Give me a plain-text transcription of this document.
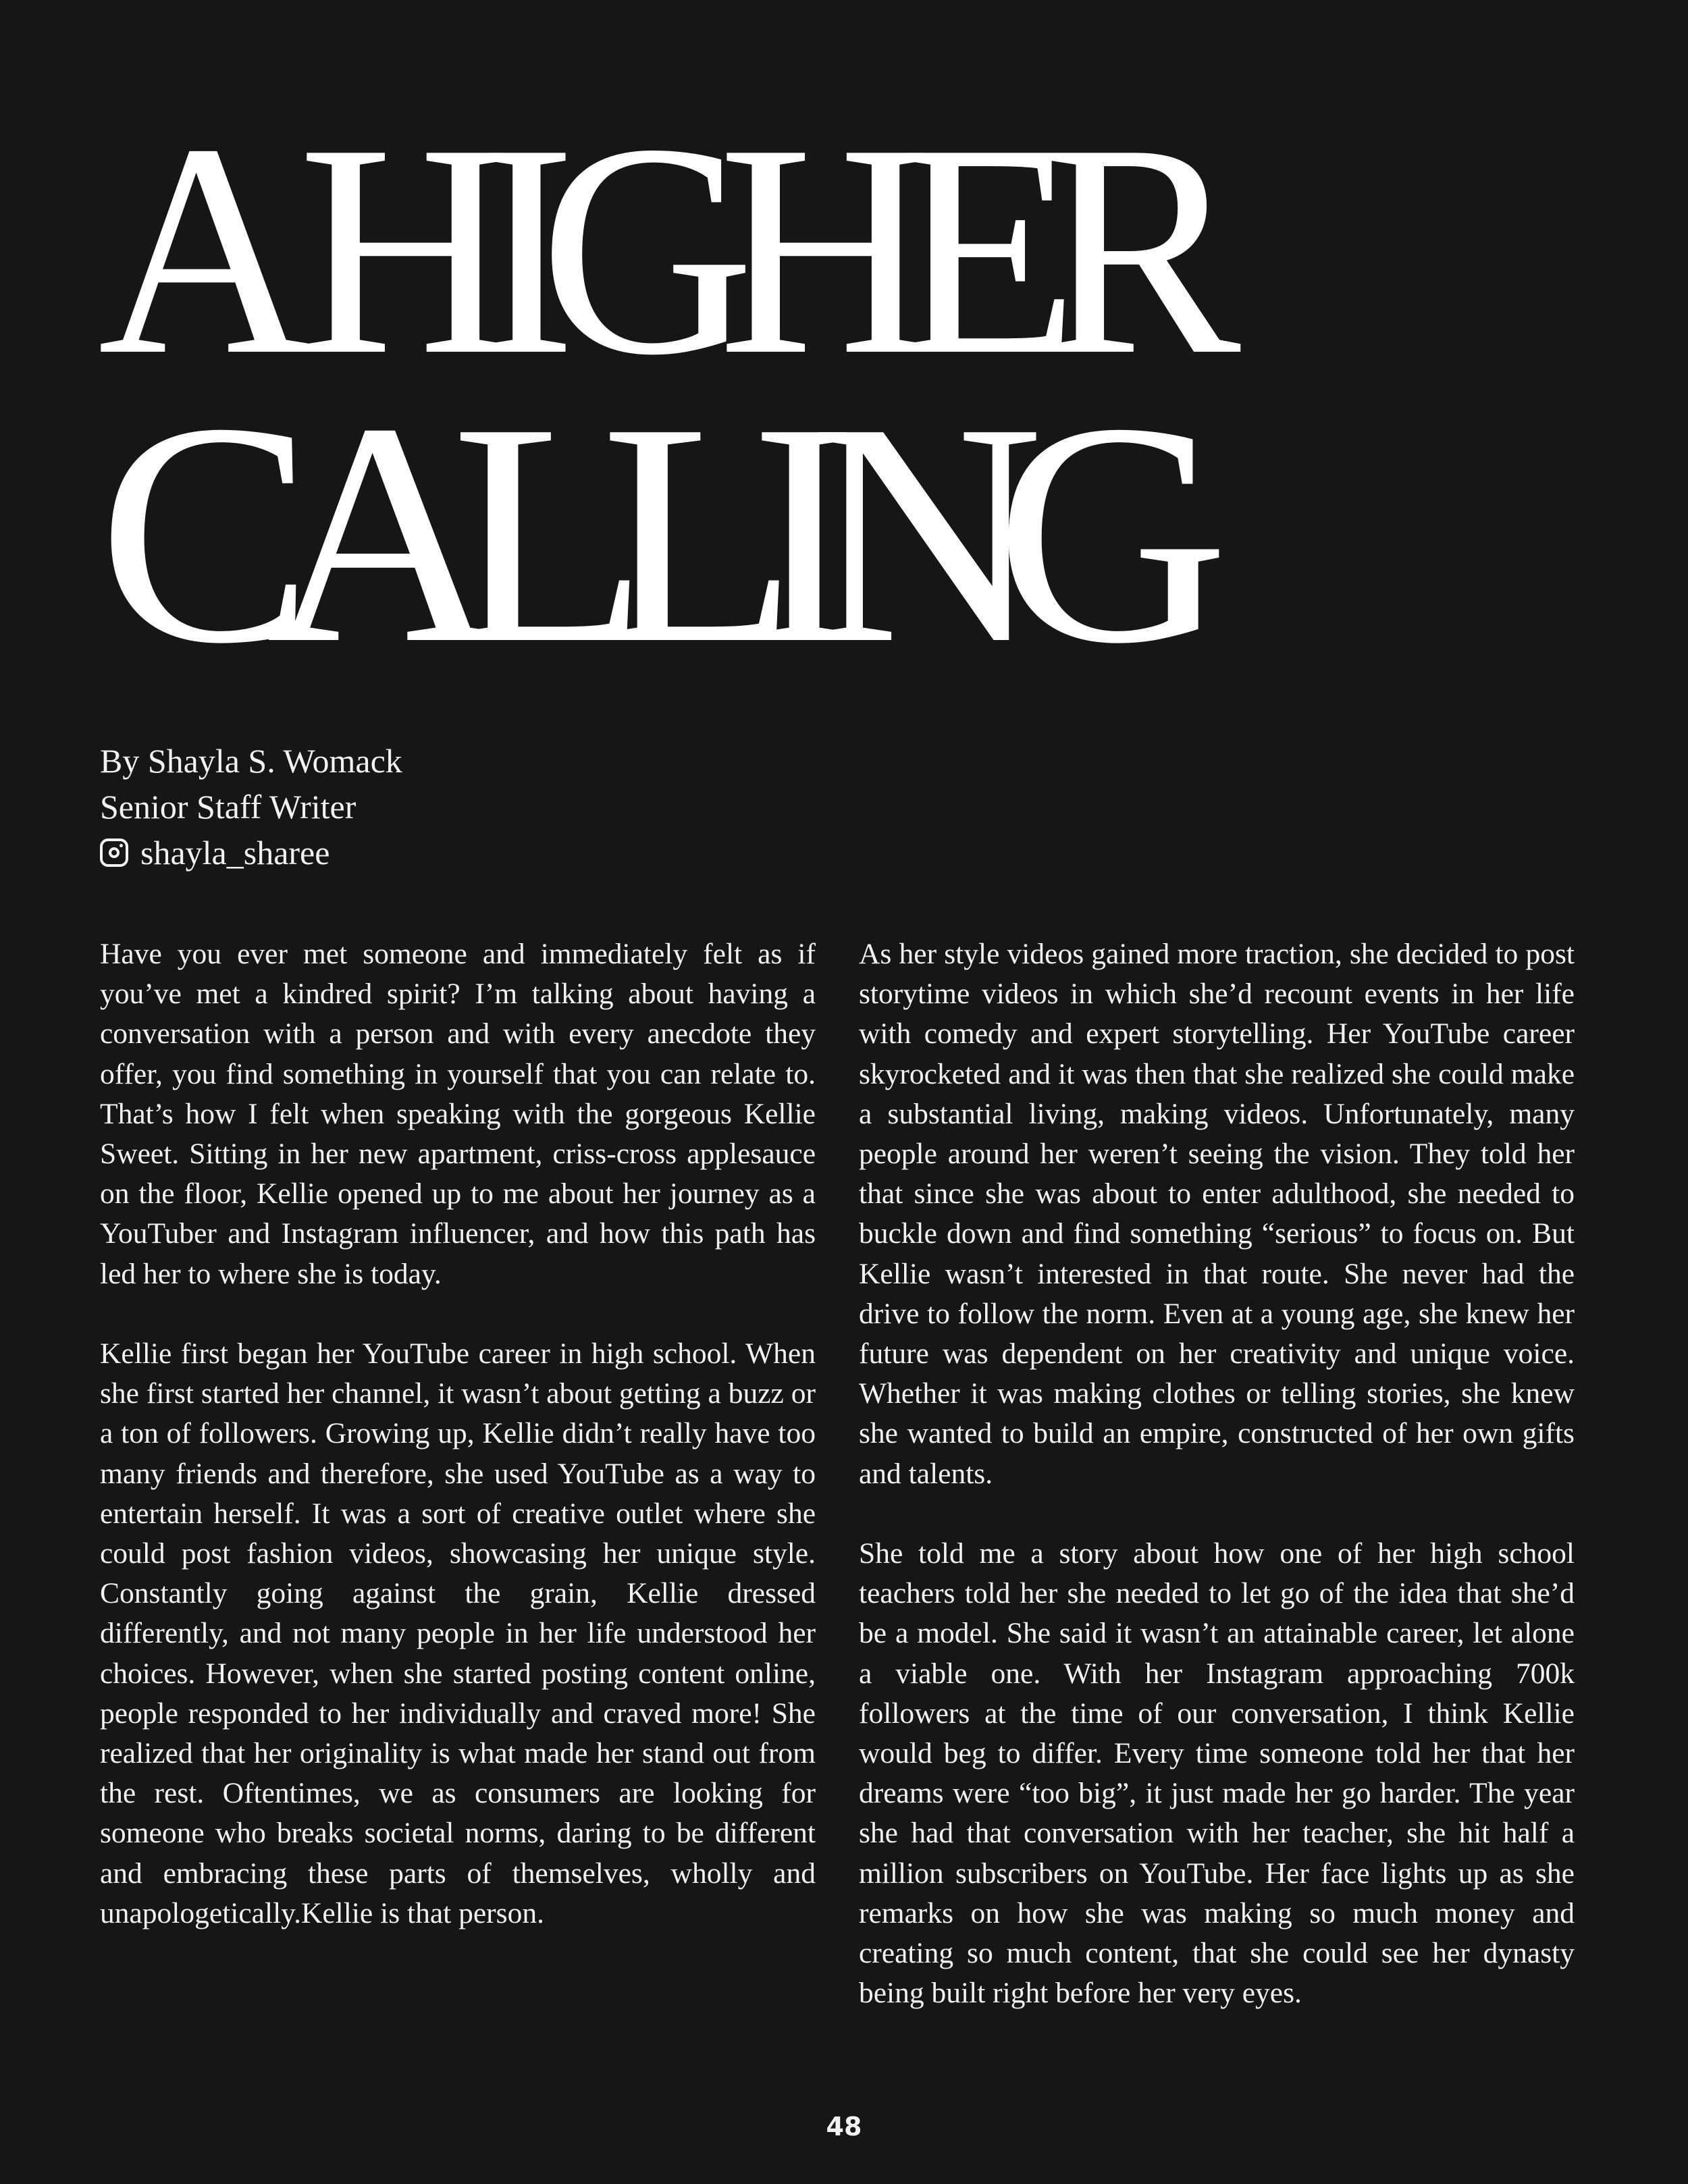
A HIGHER
CALLING
By Shayla S. Womack
Senior Staff Writer
shayla_sharee

Have you ever met someone and immediately felt as if you’ve met a kindred spirit? I’m talking about having a conversation with a person and with every anecdote they offer, you find something in yourself that you can relate to. That’s how I felt when speaking with the gorgeous Kellie Sweet. Sitting in her new apartment, criss-cross applesauce on the floor, Kellie opened up to me about her journey as a YouTuber and Instagram influencer, and how this path has led her to where she is today.

Kellie first began her YouTube career in high school. When she first started her channel, it wasn’t about getting a buzz or a ton of followers. Growing up, Kellie didn’t really have too many friends and therefore, she used YouTube as a way to entertain herself. It was a sort of creative outlet where she could post fashion videos, showcasing her unique style. Constantly going against the grain, Kellie dressed differently, and not many people in her life understood her choices. However, when she started posting content online, people responded to her individually and craved more! She realized that her originality is what made her stand out from the rest. Oftentimes, we as consumers are looking for someone who breaks societal norms, daring to be different and embracing these parts of themselves, wholly and unapologetically.Kellie is that person.

As her style videos gained more traction, she decided to post storytime videos in which she’d recount events in her life with comedy and expert storytelling. Her YouTube career skyrocketed and it was then that she realized she could make a substantial living, making videos. Unfortunately, many people around her weren’t seeing the vision. They told her that since she was about to enter adulthood, she needed to buckle down and find something “serious” to focus on. But Kellie wasn’t interested in that route. She never had the drive to follow the norm. Even at a young age, she knew her future was dependent on her creativity and unique voice. Whether it was making clothes or telling stories, she knew she wanted to build an empire, constructed of her own gifts and talents.

She told me a story about how one of her high school teachers told her she needed to let go of the idea that she’d be a model. She said it wasn’t an attainable career, let alone a viable one. With her Instagram approaching 700k followers at the time of our conversation, I think Kellie would beg to differ. Every time someone told her that her dreams were “too big”, it just made her go harder. The year she had that conversation with her teacher, she hit half a million subscribers on YouTube. Her face lights up as she remarks on how she was making so much money and creating so much content, that she could see her dynasty being built right before her very eyes.

48
